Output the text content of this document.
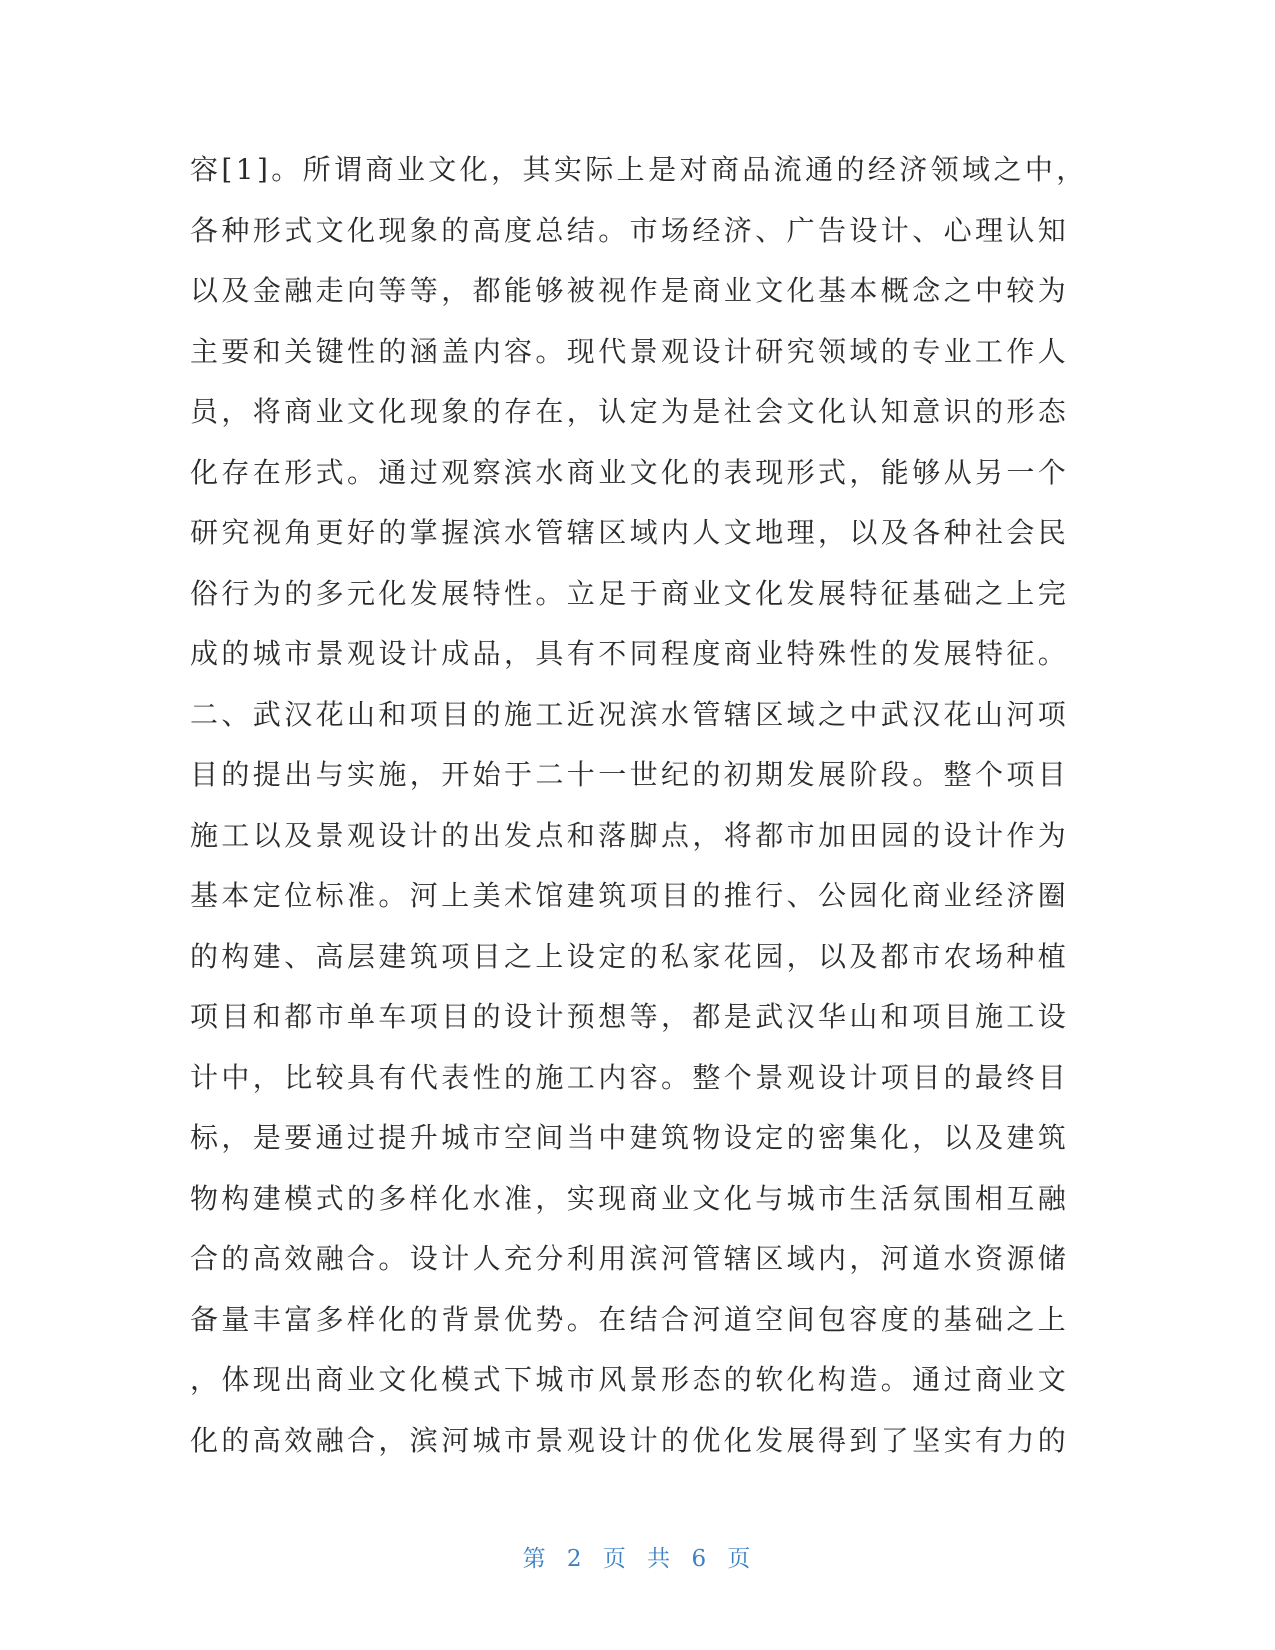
容[1]。所谓商业文化，其实际上是对商品流通的经济领域之中，
各种形式文化现象的高度总结。市场经济、广告设计、心理认知
以及金融走向等等，都能够被视作是商业文化基本概念之中较为
主要和关键性的涵盖内容。现代景观设计研究领域的专业工作人
员，将商业文化现象的存在，认定为是社会文化认知意识的形态
化存在形式。通过观察滨水商业文化的表现形式，能够从另一个
研究视角更好的掌握滨水管辖区域内人文地理，以及各种社会民
俗行为的多元化发展特性。立足于商业文化发展特征基础之上完
成的城市景观设计成品，具有不同程度商业特殊性的发展特征。
二、武汉花山和项目的施工近况滨水管辖区域之中武汉花山河项
目的提出与实施，开始于二十一世纪的初期发展阶段。整个项目
施工以及景观设计的出发点和落脚点，将都市加田园的设计作为
基本定位标准。河上美术馆建筑项目的推行、公园化商业经济圈
的构建、高层建筑项目之上设定的私家花园，以及都市农场种植
项目和都市单车项目的设计预想等，都是武汉华山和项目施工设
计中，比较具有代表性的施工内容。整个景观设计项目的最终目
标，是要通过提升城市空间当中建筑物设定的密集化，以及建筑
物构建模式的多样化水准，实现商业文化与城市生活氛围相互融
合的高效融合。设计人充分利用滨河管辖区域内，河道水资源储
备量丰富多样化的背景优势。在结合河道空间包容度的基础之上
，体现出商业文化模式下城市风景形态的软化构造。通过商业文
化的高效融合，滨河城市景观设计的优化发展得到了坚实有力的
第 2 页 共 6 页
